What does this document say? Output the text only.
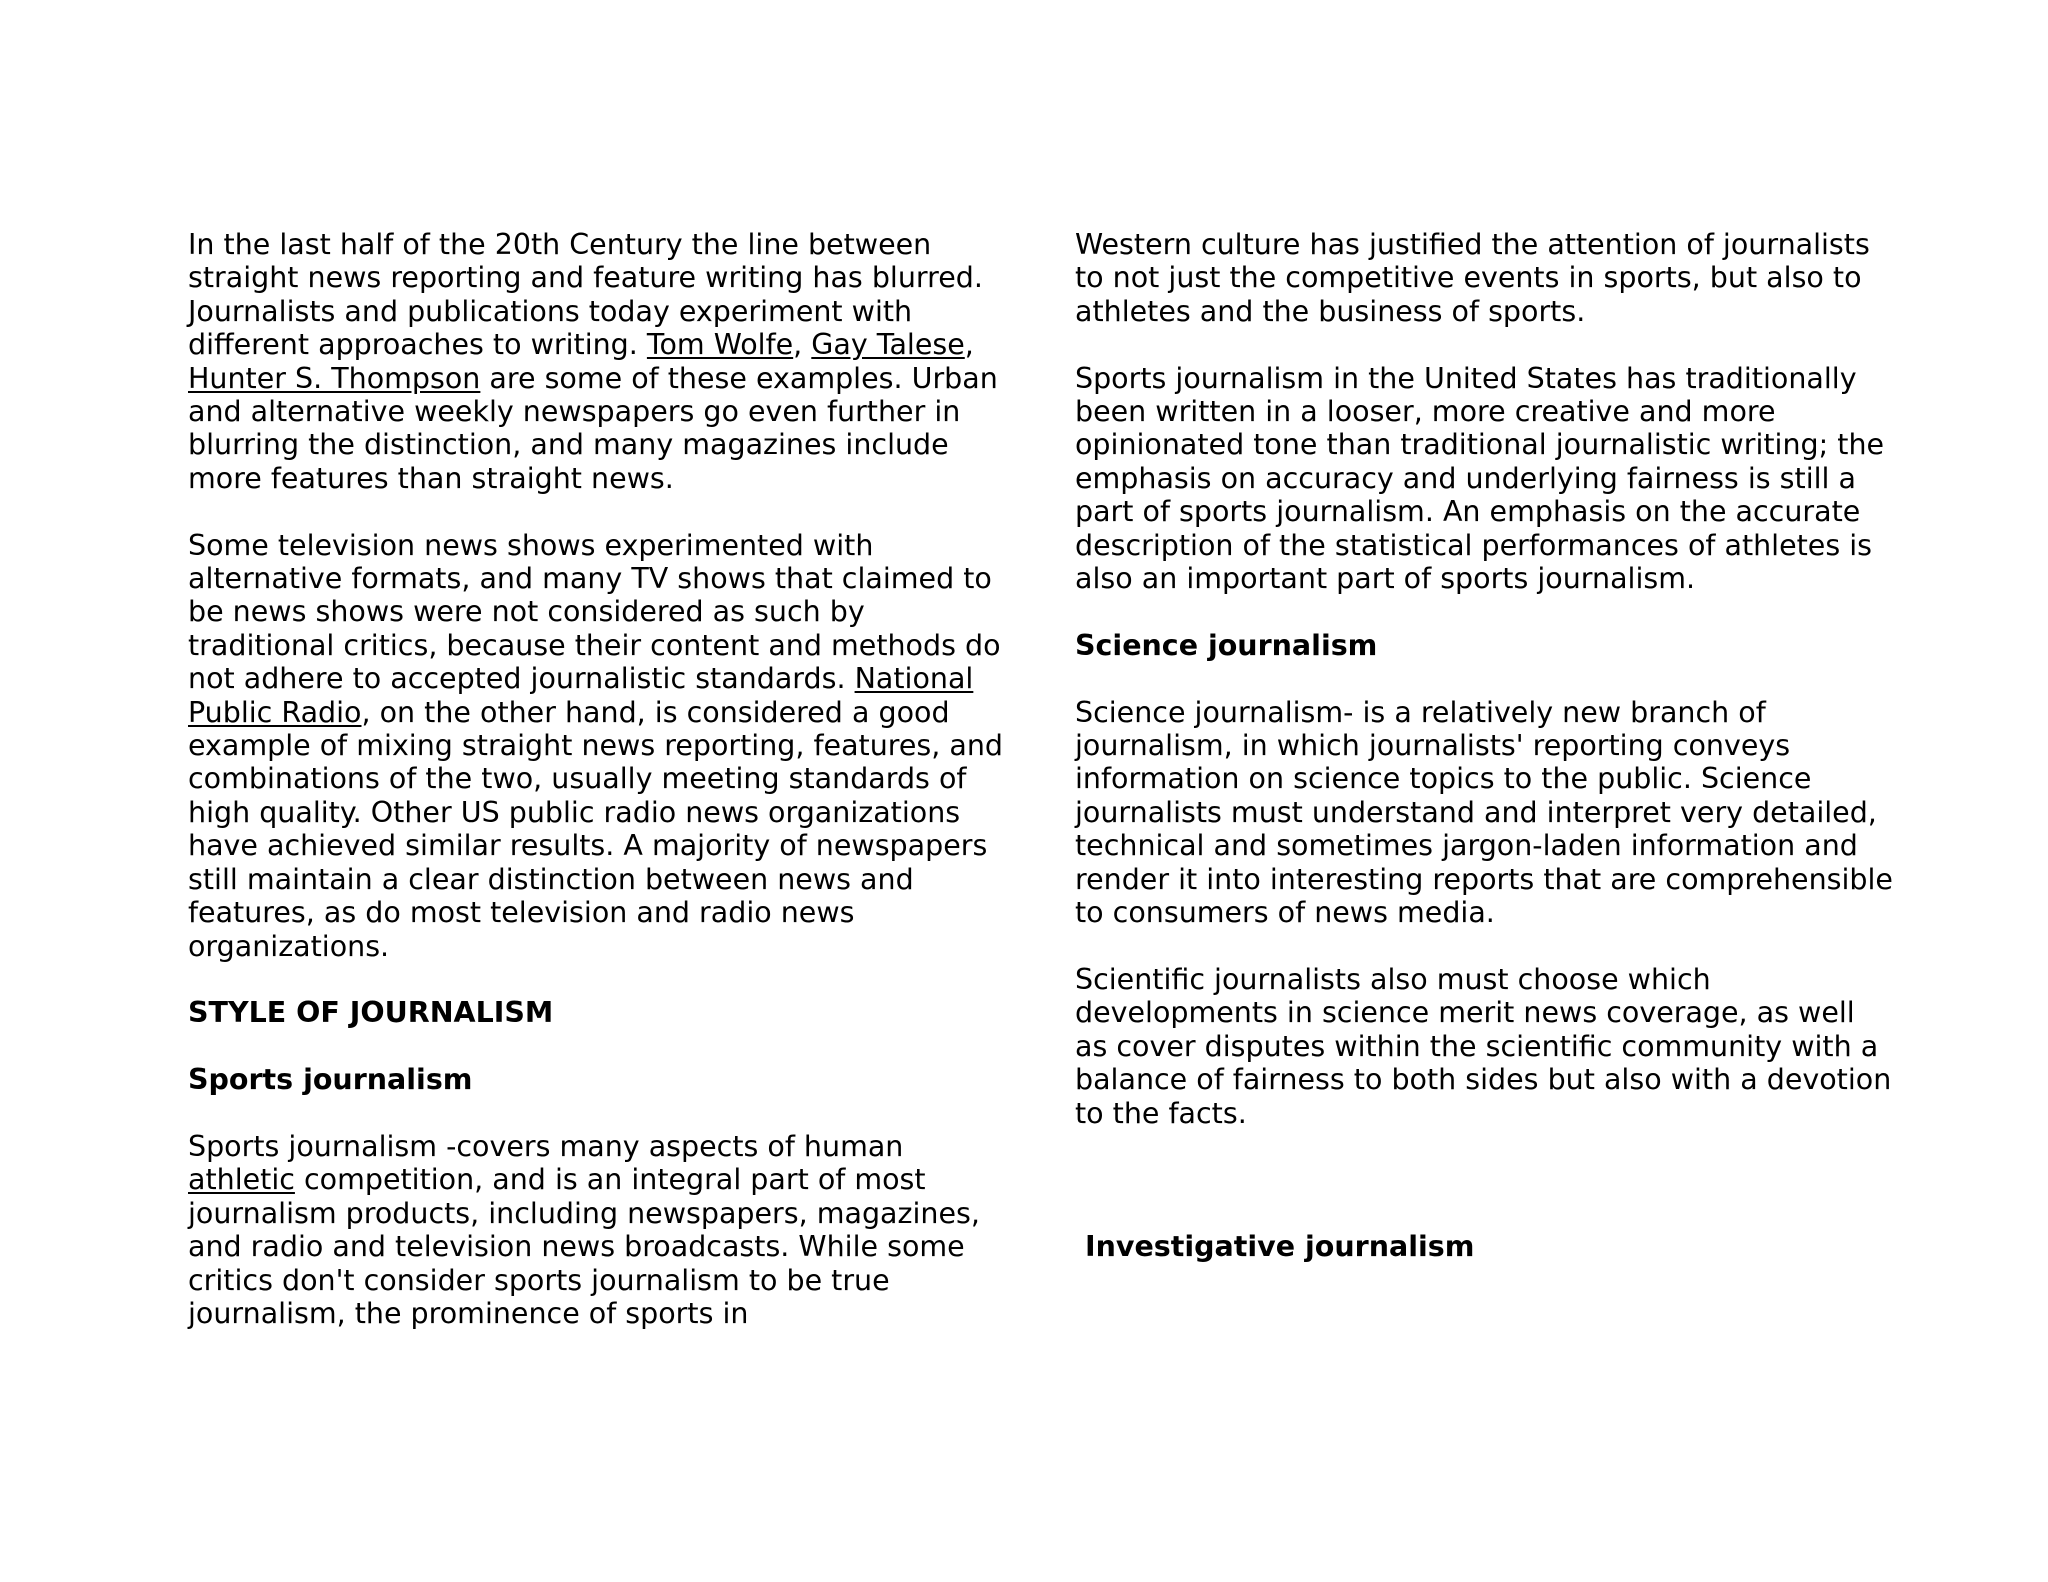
In the last half of the 20th Century the line between straight news reporting and feature writing has blurred. Journalists and publications today experiment with different approaches to writing. Tom Wolfe, Gay Talese, Hunter S. Thompson are some of these examples. Urban and alternative weekly newspapers go even further in blurring the distinction, and many magazines include more features than straight news.

Some television news shows experimented with alternative formats, and many TV shows that claimed to be news shows were not considered as such by traditional critics, because their content and methods do not adhere to accepted journalistic standards. National Public Radio, on the other hand, is considered a good example of mixing straight news reporting, features, and combinations of the two, usually meeting standards of high quality. Other US public radio news organizations have achieved similar results. A majority of newspapers still maintain a clear distinction between news and features, as do most television and radio news organizations.

STYLE OF JOURNALISM
Sports journalism

Sports journalism -covers many aspects of human athletic competition, and is an integral part of most journalism products, including newspapers, magazines, and radio and television news broadcasts. While some critics don't consider sports journalism to be true journalism, the prominence of sports in

Western culture has justified the attention of journalists to not just the competitive events in sports, but also to athletes and the business of sports.

Sports journalism in the United States has traditionally been written in a looser, more creative and more opinionated tone than traditional journalistic writing; the emphasis on accuracy and underlying fairness is still a part of sports journalism. An emphasis on the accurate description of the statistical performances of athletes is also an important part of sports journalism.

Science journalism

Science journalism- is a relatively new branch of journalism, in which journalists' reporting conveys information on science topics to the public. Science journalists must understand and interpret very detailed, technical and sometimes jargon-laden information and render it into interesting reports that are comprehensible to consumers of news media.

Scientific journalists also must choose which developments in science merit news coverage, as well as cover disputes within the scientific community with a balance of fairness to both sides but also with a devotion to the facts.

Investigative journalism
